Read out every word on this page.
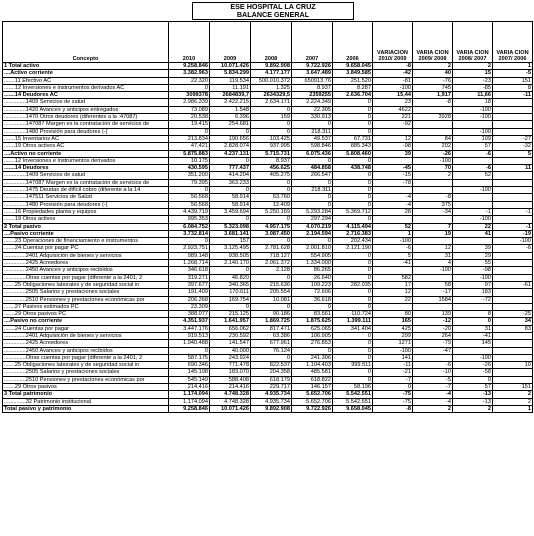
ESE HOSPITAL LA CRUZ
BALANCE GENERAL
Concepto	2010	2009	2008	2007	2006	VARIACION 2010/ 2009	VARIA CION 2009/ 2008	VARIA CION 2008/ 2007	VARIA CION 2007/ 2006
1 Total activo	9.258.846	10.071.426	9.892.908	9.722.926	9.658.045	-8	2	2	1
....Activo corriente	3.382.963	5.834.299	4.177.177	3.647.489	3.849.585	-42	40	15	-5
.......11 Efectivo AC	22.320	119.534	500.010.372	650913.76	251.520	-81	-76	-23	151
.......12 Inversiones e instrumentos derivados AC	0	11.191	1.325	8.937	8.287	-100	745	-85	8
.......14 Deudores AC	3099378	2684839,7	2634329,5	2359255	2.636.704	15,44	1,917	11,66	-11
..............1409 Servicios de salud	2.986.339	2.422.215	2.634.171	2.224.349	0	23	-8	18	
..............1420 Avances y anticipos entregados	73.089	1.548	0	22.305	0	4622		-100	
..............1470 Otros deudores (diferentes a la :47087)	20.538	6.396	159	330.913	0	221	3928	-100	
..............147087 Margen es la contratación de servicios de	19.415	254.681	0	0	0	-92			
..............1480 Provisión para deudores (-)	0	0	0	218.311	0			-100	
.......15 Inventarios AC	213.834	190.656	103.425	49.537	67.731	12	84	109	-27
.......19 Otros activos AC	47.421	2.828.074	937.995	598.846	885.343	-98	202	57	-32
....Activo no corriente	5.875.883	4.237.131	5.715.731	6.075.436	5.808.460	39	-26	-6	5
.......12 Inversiones e instrumentos derivados	10.175	0	8.937	0	0		-100		
.......14 Deudores	430.595	777.437	456.625	484.858	438.748	-45	70	-6	11
..............1409 Servicios de salud	351.200	414.204	405.275	266.547	0	-15	2	52	
..............147087 Margen es la contratación de servicios de	79.395	363.233	0	0	0	-78			
..............1475 Deudas de difícil cobro (diferente a la 14	0	0	0	218.311	0			-100	
..............147511 Servicios de Salud	56.568	58.914	63.760	0	0	-4	-8		
..............1480 Provisión para deudores (-)	56.568	58.914	12.409	0	0	-4	375		
.......16 Propiedades planta y equipos	4.439.719	3.459.694	5.250.169	5.293.284	5.369.712	28	-34	-1	-1
.......19 Otros activos	995.353	0	0	297.294	0			-100	
2 Total pasivo	6.084.752	5.323.098	4.957.175	4.070.219	4.115.494	52	7	22	-1
....Pasivo corriente	3.732.814	3.681.141	3.087.450	2.194.594	2.716.383	1	19	41	-19
.......23 Operaciones de financiamiento e instrumentos	0	157	0	0	202.434	-100			-100
.......24 Cuentas por pagar PC	2.923.751	3.125.495	2.781.628	2.001.810	2.121.190	-6	12	39	-6
..............2401 Adquisición de bienes y servicios	989.148	938.505	718.127	554.905	0	5	31	29	
..............2425 Acreedores	1.268.714	2.140.170	2.061.372	1.334.000	0	-41	4	55	
..............2450 Avances y anticipos recibidos	346.618	0	2.128	86.265	0		-100	-98	
..............Otras cuentas por pagar (diferente a la 2401, 2	319.271	46.820	0	26.640	0	582		-100	
.......25 Obligaciones laborales y de seguridad social in	397.677	340.365	215.636	109.223	282.035	17	58	97	-61
..............2505 Salarios y prestaciones sociales	191.409	170.611	205.554	72.606	0	12	-17	183	
..............2510 Pensiones y prestaciones económicas por	206.268	169.754	10.081	36.618	0	22	1584	-72	
.......27 Pasivos estimados PC	23.309	0	0	0	0				
.......29 Otros pasivos PC	388.077	215.125	90.186	83.561	110.724	80	139	8	-25
....Pasivo no corriente	4.351.937	1.641.957	1.869.725	1.875.625	1.399.111	165	-12	0	34
.......24 Cuentas por pagar	3.447.176	656.062	817.471	625.065	341.404	425	-20	31	83
..............2401 Adquisición de bienes y servicios	919.513	230.592	63.386	106.905	0	299	264	-41	
..............2425 Acreedores	1.940.488	141.547	677.961	276.853	0	1271	-79	145	
..............2450 Avances y anticipos recibidos	0	40.000	76.124	0	0	-100	-47		
..............Otras cuentas por pagar (diferente a la 2401, 2	587.175	243.924	0	241.306	0	141		-100	
.......25 Obligaciones laborales y de seguridad social in	690.346	771.478	822.537	1.104.403	999.511	-11	-6	-26	10
..............2505 Salarios y prestaciones sociales	145.198	183.070	204.358	485.581	0	-21	-10	-58	
..............2510 Pensiones y prestaciones económicas por	545.149	588.408	618.179	618.822	0	-7	-5	0	
.......29 Otros pasivos	214.416	214.416	229.717	146.157	58.196	0	-7	57	151
3 Total patrimonio	1.174.094	4.748.328	4.935.734	5.652.706	5.542.551	-75	-4	-13	2
..............32 Patrimonio institucional	1.174.094	4.748.328	4.935.734	5.652.706	5.542.551	-75	-4	-13	2
Total pasivo y patrimonio	9.258.846	10.071.426	9.892.908	9.722.926	9.658.045	-8	2	2	1
